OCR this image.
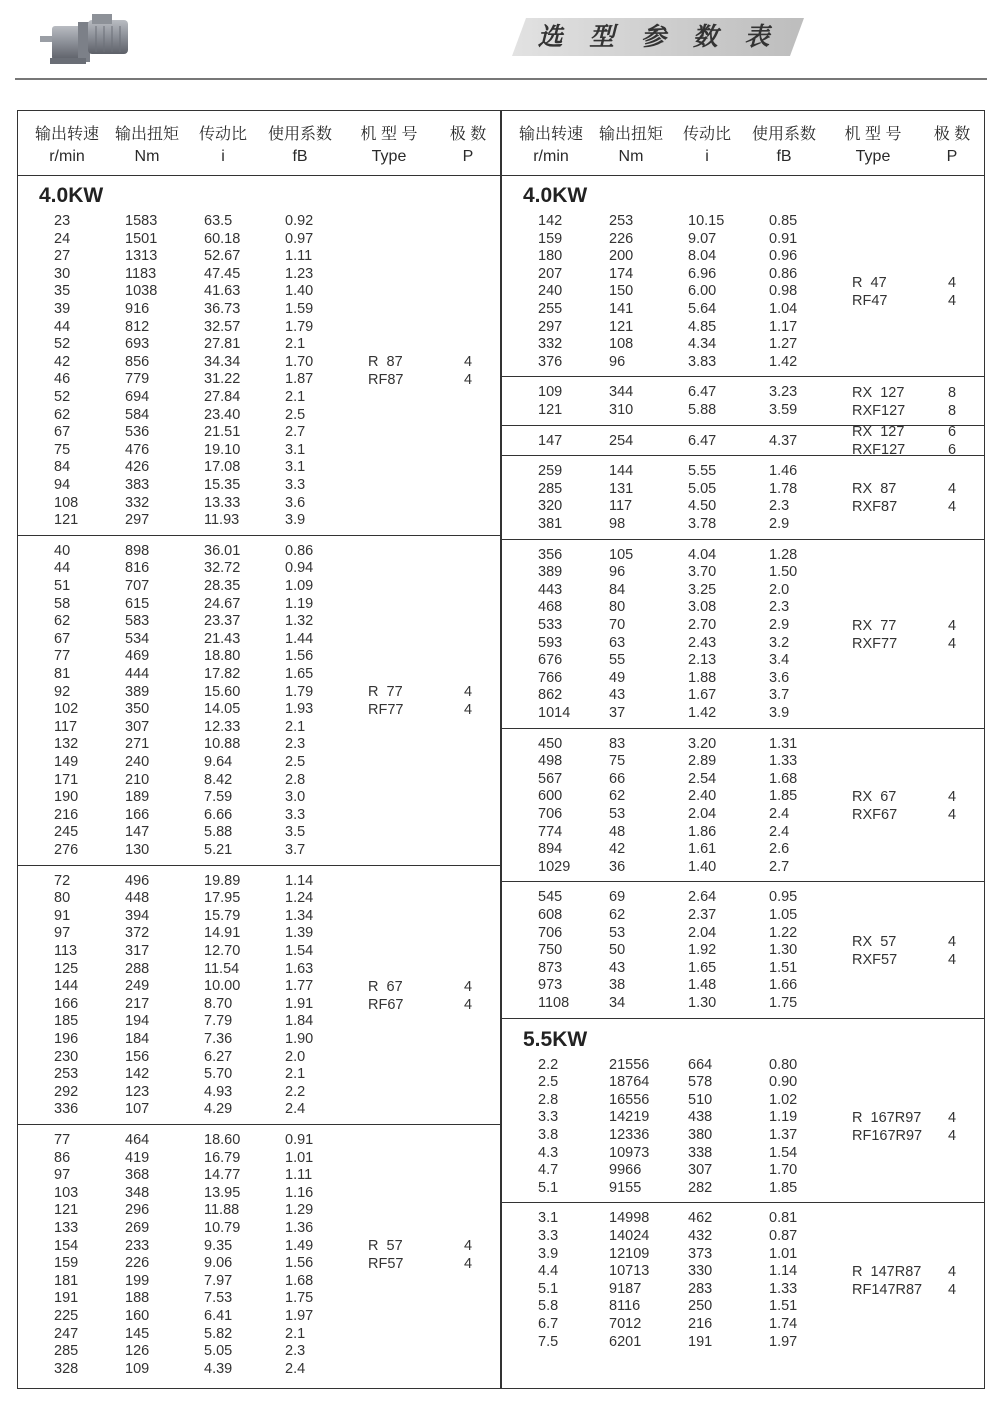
选 型 参 数 表
输出转速
r/min
输出扭矩
Nm
传动比
i
使用系数
fB
机 型 号
Type
极 数
P
4.0KW
23	1583	63.5	0.92
24	1501	60.18	0.97
27	1313	52.67	1.11
30	1183	47.45	1.23
35	1038	41.63	1.40
39	916	36.73	1.59
44	812	32.57	1.79
52	693	27.81	2.1
42	856	34.34	1.70
46	779	31.22	1.87
52	694	27.84	2.1
62	584	23.40	2.5
67	536	21.51	2.7
75	476	19.10	3.1
84	426	17.08	3.1
94	383	15.35	3.3
108	332	13.33	3.6
121	297	11.93	3.9
R  87
RF87
4
4
40	898	36.01	0.86
44	816	32.72	0.94
51	707	28.35	1.09
58	615	24.67	1.19
62	583	23.37	1.32
67	534	21.43	1.44
77	469	18.80	1.56
81	444	17.82	1.65
92	389	15.60	1.79
102	350	14.05	1.93
117	307	12.33	2.1
132	271	10.88	2.3
149	240	9.64	2.5
171	210	8.42	2.8
190	189	7.59	3.0
216	166	6.66	3.3
245	147	5.88	3.5
276	130	5.21	3.7
R  77
RF77
4
4
72	496	19.89	1.14
80	448	17.95	1.24
91	394	15.79	1.34
97	372	14.91	1.39
113	317	12.70	1.54
125	288	11.54	1.63
144	249	10.00	1.77
166	217	8.70	1.91
185	194	7.79	1.84
196	184	7.36	1.90
230	156	6.27	2.0
253	142	5.70	2.1
292	123	4.93	2.2
336	107	4.29	2.4
R  67
RF67
4
4
77	464	18.60	0.91
86	419	16.79	1.01
97	368	14.77	1.11
103	348	13.95	1.16
121	296	11.88	1.29
133	269	10.79	1.36
154	233	9.35	1.49
159	226	9.06	1.56
181	199	7.97	1.68
191	188	7.53	1.75
225	160	6.41	1.97
247	145	5.82	2.1
285	126	5.05	2.3
328	109	4.39	2.4
R  57
RF57
4
4
输出转速
r/min
输出扭矩
Nm
传动比
i
使用系数
fB
机 型 号
Type
极 数
P
4.0KW
142	253	10.15	0.85
159	226	9.07	0.91
180	200	8.04	0.96
207	174	6.96	0.86
240	150	6.00	0.98
255	141	5.64	1.04
297	121	4.85	1.17
332	108	4.34	1.27
376	96	3.83	1.42
R  47
RF47
4
4
109	344	6.47	3.23
121	310	5.88	3.59
RX  127
RXF127
8
8
147	254	6.47	4.37
RX  127
RXF127
6
6
259	144	5.55	1.46
285	131	5.05	1.78
320	117	4.50	2.3
381	98	3.78	2.9
RX  87
RXF87
4
4
356	105	4.04	1.28
389	96	3.70	1.50
443	84	3.25	2.0
468	80	3.08	2.3
533	70	2.70	2.9
593	63	2.43	3.2
676	55	2.13	3.4
766	49	1.88	3.6
862	43	1.67	3.7
1014	37	1.42	3.9
RX  77
RXF77
4
4
450	83	3.20	1.31
498	75	2.89	1.33
567	66	2.54	1.68
600	62	2.40	1.85
706	53	2.04	2.4
774	48	1.86	2.4
894	42	1.61	2.6
1029	36	1.40	2.7
RX  67
RXF67
4
4
545	69	2.64	0.95
608	62	2.37	1.05
706	53	2.04	1.22
750	50	1.92	1.30
873	43	1.65	1.51
973	38	1.48	1.66
1108	34	1.30	1.75
RX  57
RXF57
4
4
5.5KW
2.2	21556	664	0.80
2.5	18764	578	0.90
2.8	16556	510	1.02
3.3	14219	438	1.19
3.8	12336	380	1.37
4.3	10973	338	1.54
4.7	9966	307	1.70
5.1	9155	282	1.85
R  167R97
RF167R97
4
4
3.1	14998	462	0.81
3.3	14024	432	0.87
3.9	12109	373	1.01
4.4	10713	330	1.14
5.1	9187	283	1.33
5.8	8116	250	1.51
6.7	7012	216	1.74
7.5	6201	191	1.97
R  147R87
RF147R87
4
4
